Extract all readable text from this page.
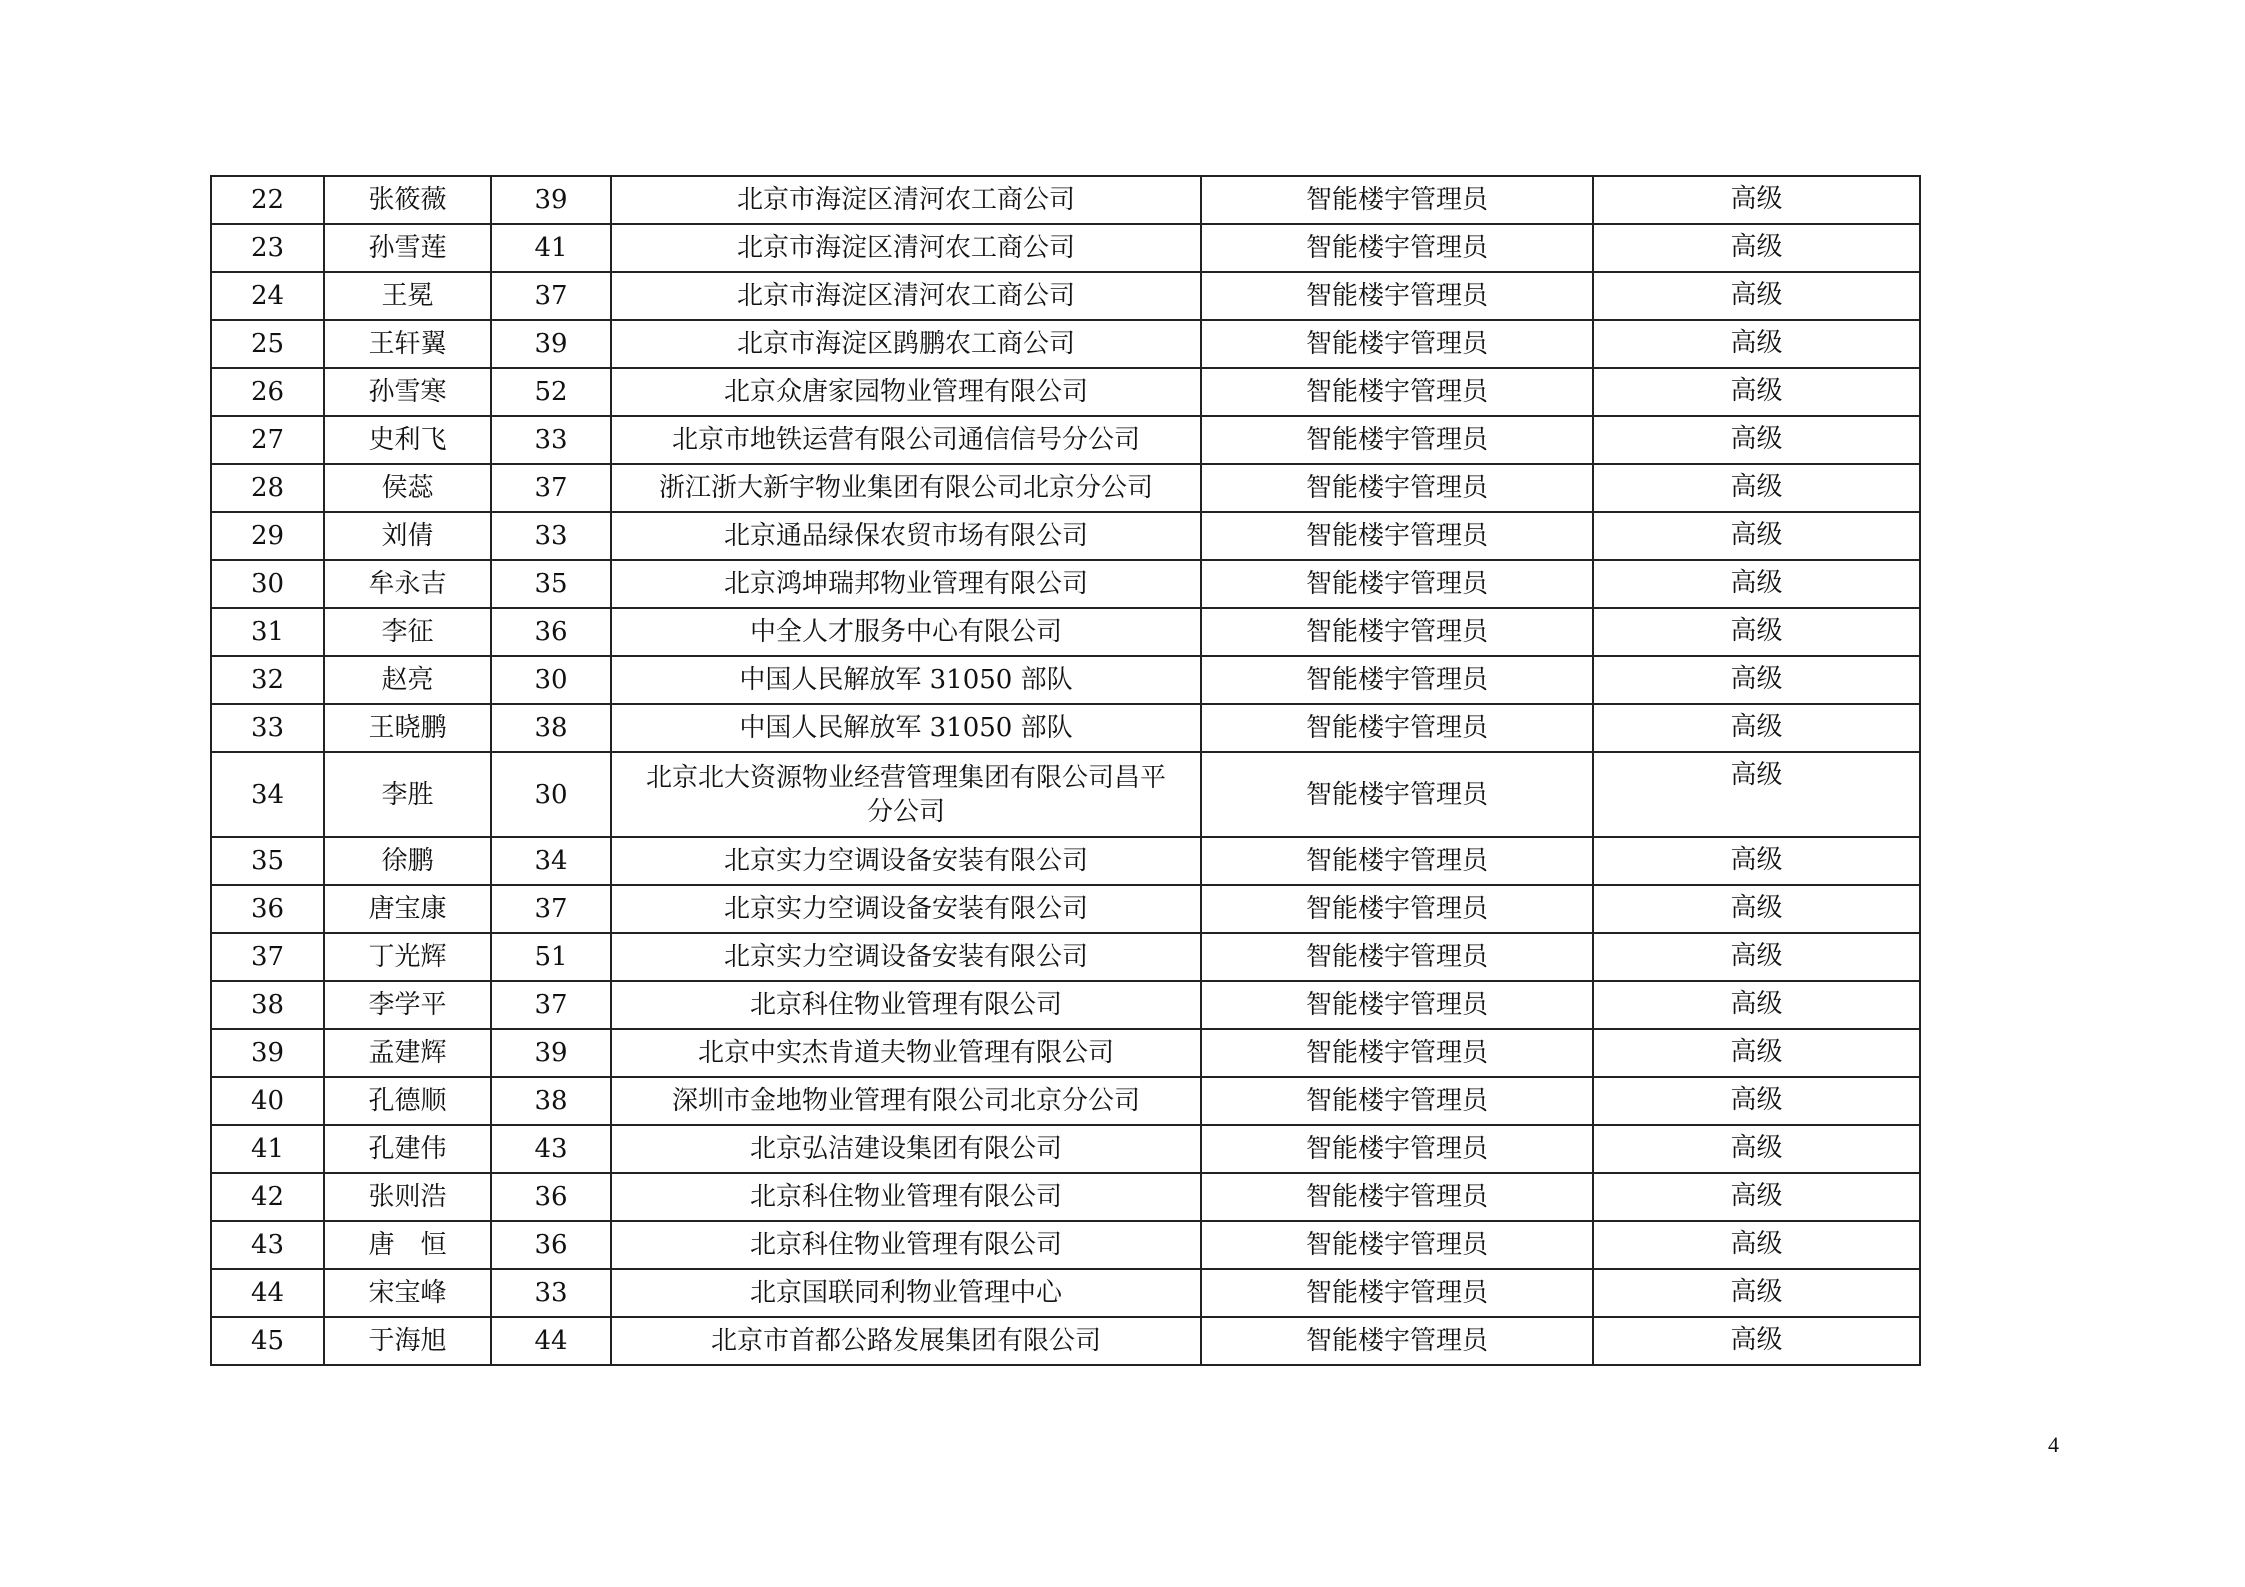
22	张筱薇	39	北京市海淀区清河农工商公司	智能楼宇管理员	高级
23	孙雪莲	41	北京市海淀区清河农工商公司	智能楼宇管理员	高级
24	王冕	37	北京市海淀区清河农工商公司	智能楼宇管理员	高级
25	王轩翼	39	北京市海淀区鹍鹏农工商公司	智能楼宇管理员	高级
26	孙雪寒	52	北京众唐家园物业管理有限公司	智能楼宇管理员	高级
27	史利飞	33	北京市地铁运营有限公司通信信号分公司	智能楼宇管理员	高级
28	侯蕊	37	浙江浙大新宇物业集团有限公司北京分公司	智能楼宇管理员	高级
29	刘倩	33	北京通品绿保农贸市场有限公司	智能楼宇管理员	高级
30	牟永吉	35	北京鸿坤瑞邦物业管理有限公司	智能楼宇管理员	高级
31	李征	36	中全人才服务中心有限公司	智能楼宇管理员	高级
32	赵亮	30	中国人民解放军 31050 部队	智能楼宇管理员	高级
33	王晓鹏	38	中国人民解放军 31050 部队	智能楼宇管理员	高级
34	李胜	30	北京北大资源物业经营管理集团有限公司昌平分公司	智能楼宇管理员	高级
35	徐鹏	34	北京实力空调设备安装有限公司	智能楼宇管理员	高级
36	唐宝康	37	北京实力空调设备安装有限公司	智能楼宇管理员	高级
37	丁光辉	51	北京实力空调设备安装有限公司	智能楼宇管理员	高级
38	李学平	37	北京科住物业管理有限公司	智能楼宇管理员	高级
39	孟建辉	39	北京中实杰肯道夫物业管理有限公司	智能楼宇管理员	高级
40	孔德顺	38	深圳市金地物业管理有限公司北京分公司	智能楼宇管理员	高级
41	孔建伟	43	北京弘洁建设集团有限公司	智能楼宇管理员	高级
42	张则浩	36	北京科住物业管理有限公司	智能楼宇管理员	高级
43	唐　恒	36	北京科住物业管理有限公司	智能楼宇管理员	高级
44	宋宝峰	33	北京国联同利物业管理中心	智能楼宇管理员	高级
45	于海旭	44	北京市首都公路发展集团有限公司	智能楼宇管理员	高级
4
